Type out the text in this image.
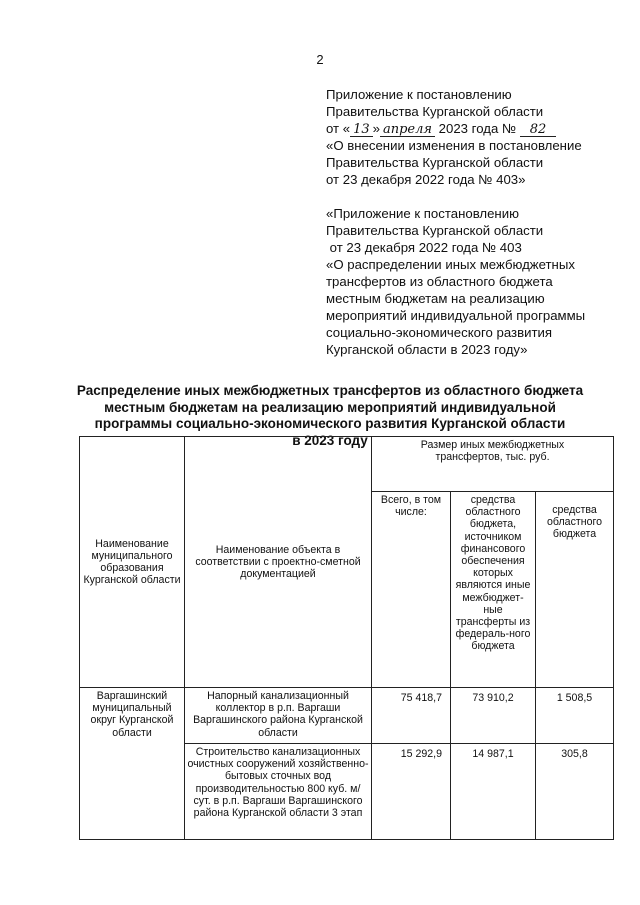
2
Приложение к постановлению
Правительства Курганской области
от « 13 » апреля 2023 года № 82
«О внесении изменения в постановление
Правительства Курганской области
от 23 декабря 2022 года № 403»
«Приложение к постановлению
Правительства Курганской области
от 23 декабря 2022 года № 403
«О распределении иных межбюджетных
трансфертов из областного бюджета
местным бюджетам на реализацию
мероприятий индивидуальной программы
социально-экономического развития
Курганской области в 2023 году»
Распределение иных межбюджетных трансфертов из областного бюджета
местным бюджетам на реализацию мероприятий индивидуальной
программы социально-экономического развития Курганской области
в 2023 году
Наименование муниципального образования Курганской области	Наименование объекта в соответствии с проектно-сметной документацией	Размер иных межбюджетных трансфертов, тыс. руб.		
		Всего, в том числе:	средства областного бюджета, источником финансового обеспечения которых являются иные межбюджет-ные трансферты из федераль-ного бюджета	средства областного бюджета
Варгашинский муниципальный округ Курганской области	Напорный канализационный коллектор в р.п. Варгаши Варгашинского района Курганской области	75 418,7	73 910,2	1 508,5
	Строительство канализационных очистных сооружений хозяйственно-бытовых сточных вод производительностью 800 куб. м/сут. в р.п. Варгаши Варгашинского района Курганской области 3 этап	15 292,9	14 987,1	305,8
